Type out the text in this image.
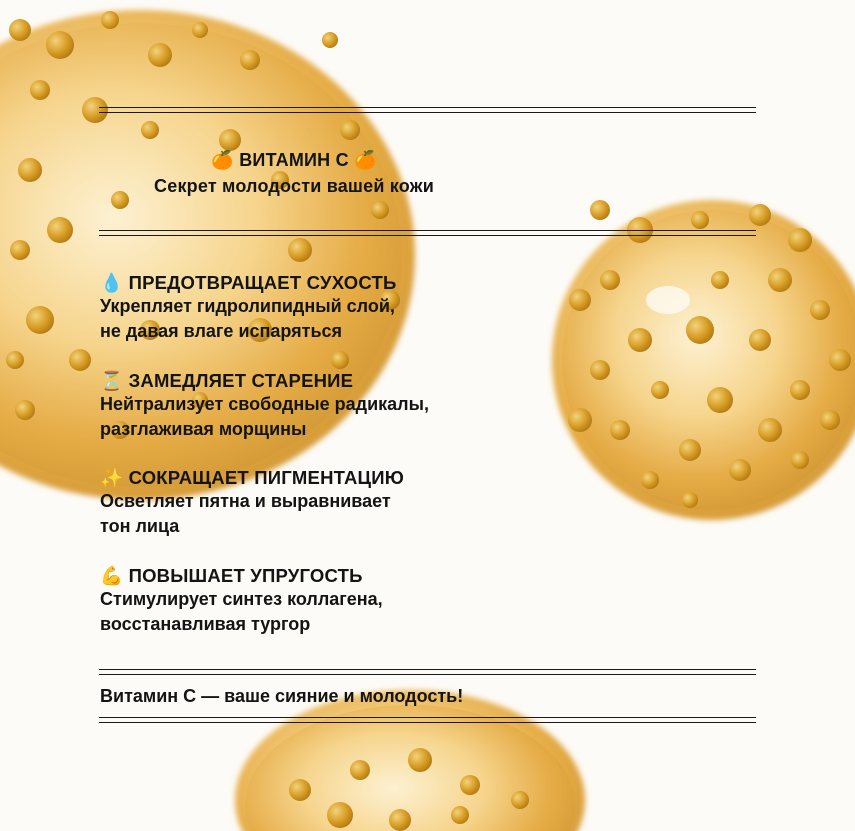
🍊 ВИТАМИН С 🍊
Секрет молодости вашей кожи
💧 ПРЕДОТВРАЩАЕТ СУХОСТЬ
Укрепляет гидролипидный слой,
не давая влаге испаряться
⏳ ЗАМЕДЛЯЕТ СТАРЕНИЕ
Нейтрализует свободные радикалы,
разглаживая морщины
✨ СОКРАЩАЕТ ПИГМЕНТАЦИЮ
Осветляет пятна и выравнивает
тон лица
💪 ПОВЫШАЕТ УПРУГОСТЬ
Стимулирует синтез коллагена,
восстанавливая тургор
Витамин С — ваше сияние и молодость!
